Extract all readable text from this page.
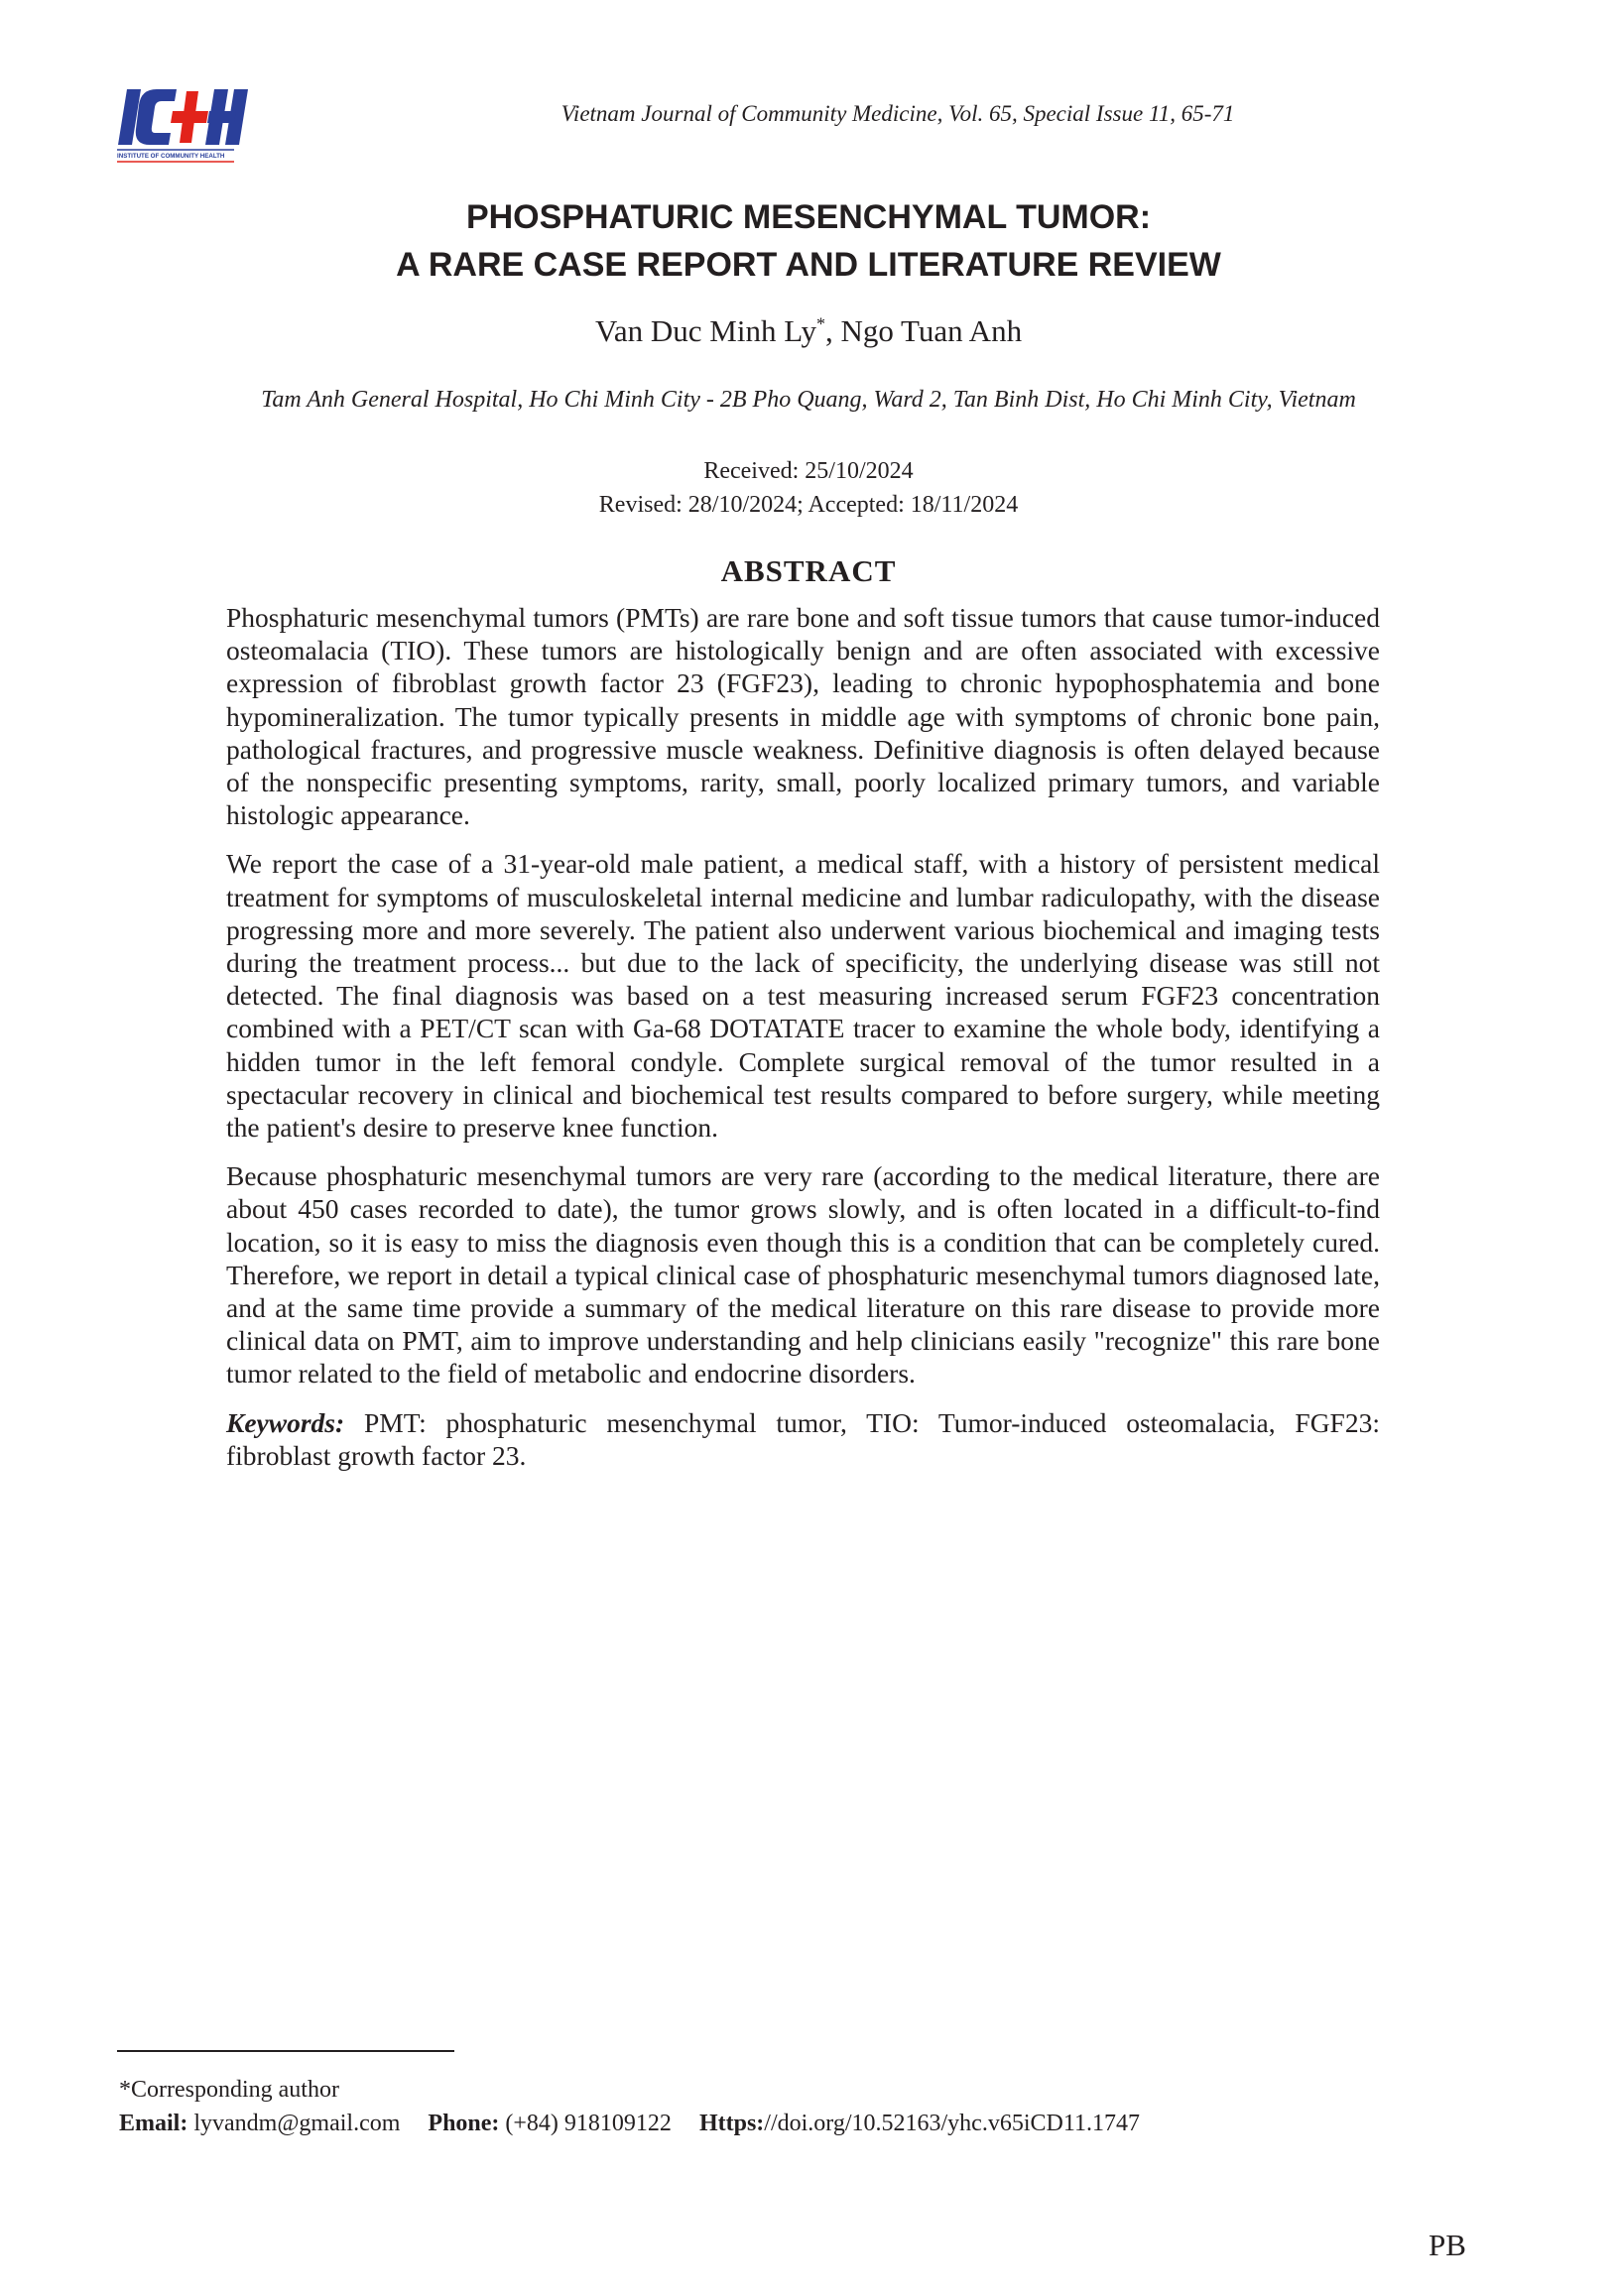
INSTITUTE OF COMMUNITY HEALTH
Vietnam Journal of Community Medicine, Vol. 65, Special Issue 11, 65-71
PHOSPHATURIC MESENCHYMAL TUMOR:
A RARE CASE REPORT AND LITERATURE REVIEW
Van Duc Minh Ly*, Ngo Tuan Anh
Tam Anh General Hospital, Ho Chi Minh City - 2B Pho Quang, Ward 2, Tan Binh Dist, Ho Chi Minh City, Vietnam
Received: 25/10/2024
Revised: 28/10/2024; Accepted: 18/11/2024
ABSTRACT

Phosphaturic mesenchymal tumors (PMTs) are rare bone and soft tissue tumors that cause tumor-induced osteomalacia (TIO). These tumors are histologically benign and are often associated with excessive expression of fibroblast growth factor 23 (FGF23), leading to chronic hypophosphatemia and bone hypomineralization. The tumor typically presents in middle age with symptoms of chronic bone pain, pathological fractures, and progressive muscle weakness. Definitive diagnosis is often delayed because of the nonspecific presenting symptoms, rarity, small, poorly localized primary tumors, and variable histologic appearance.

We report the case of a 31-year-old male patient, a medical staff, with a history of persistent medical treatment for symptoms of musculoskeletal internal medicine and lumbar radiculopathy, with the disease progressing more and more severely. The patient also underwent various biochemical and imaging tests during the treatment process... but due to the lack of specificity, the underlying disease was still not detected. The final diagnosis was based on a test measuring increased serum FGF23 concentration combined with a PET/CT scan with Ga-68 DOTATATE tracer to examine the whole body, identifying a hidden tumor in the left femoral condyle. Complete surgical removal of the tumor resulted in a spectacular recovery in clinical and biochemical test results compared to before surgery, while meeting the patient's desire to preserve knee function.

Because phosphaturic mesenchymal tumors are very rare (according to the medical literature, there are about 450 cases recorded to date), the tumor grows slowly, and is often located in a difficult-to-find location, so it is easy to miss the diagnosis even though this is a condition that can be completely cured. Therefore, we report in detail a typical clinical case of phosphaturic mesenchymal tumors diagnosed late, and at the same time provide a summary of the medical literature on this rare disease to provide more clinical data on PMT, aim to improve understanding and help clinicians easily "recognize" this rare bone tumor related to the field of metabolic and endocrine disorders.

Keywords: PMT: phosphaturic mesenchymal tumor, TIO: Tumor-induced osteomalacia, FGF23: fibroblast growth factor 23.

*Corresponding author
Email: lyvandm@gmail.com Phone: (+84) 918109122 Https://doi.org/10.52163/yhc.v65iCD11.1747
PB
